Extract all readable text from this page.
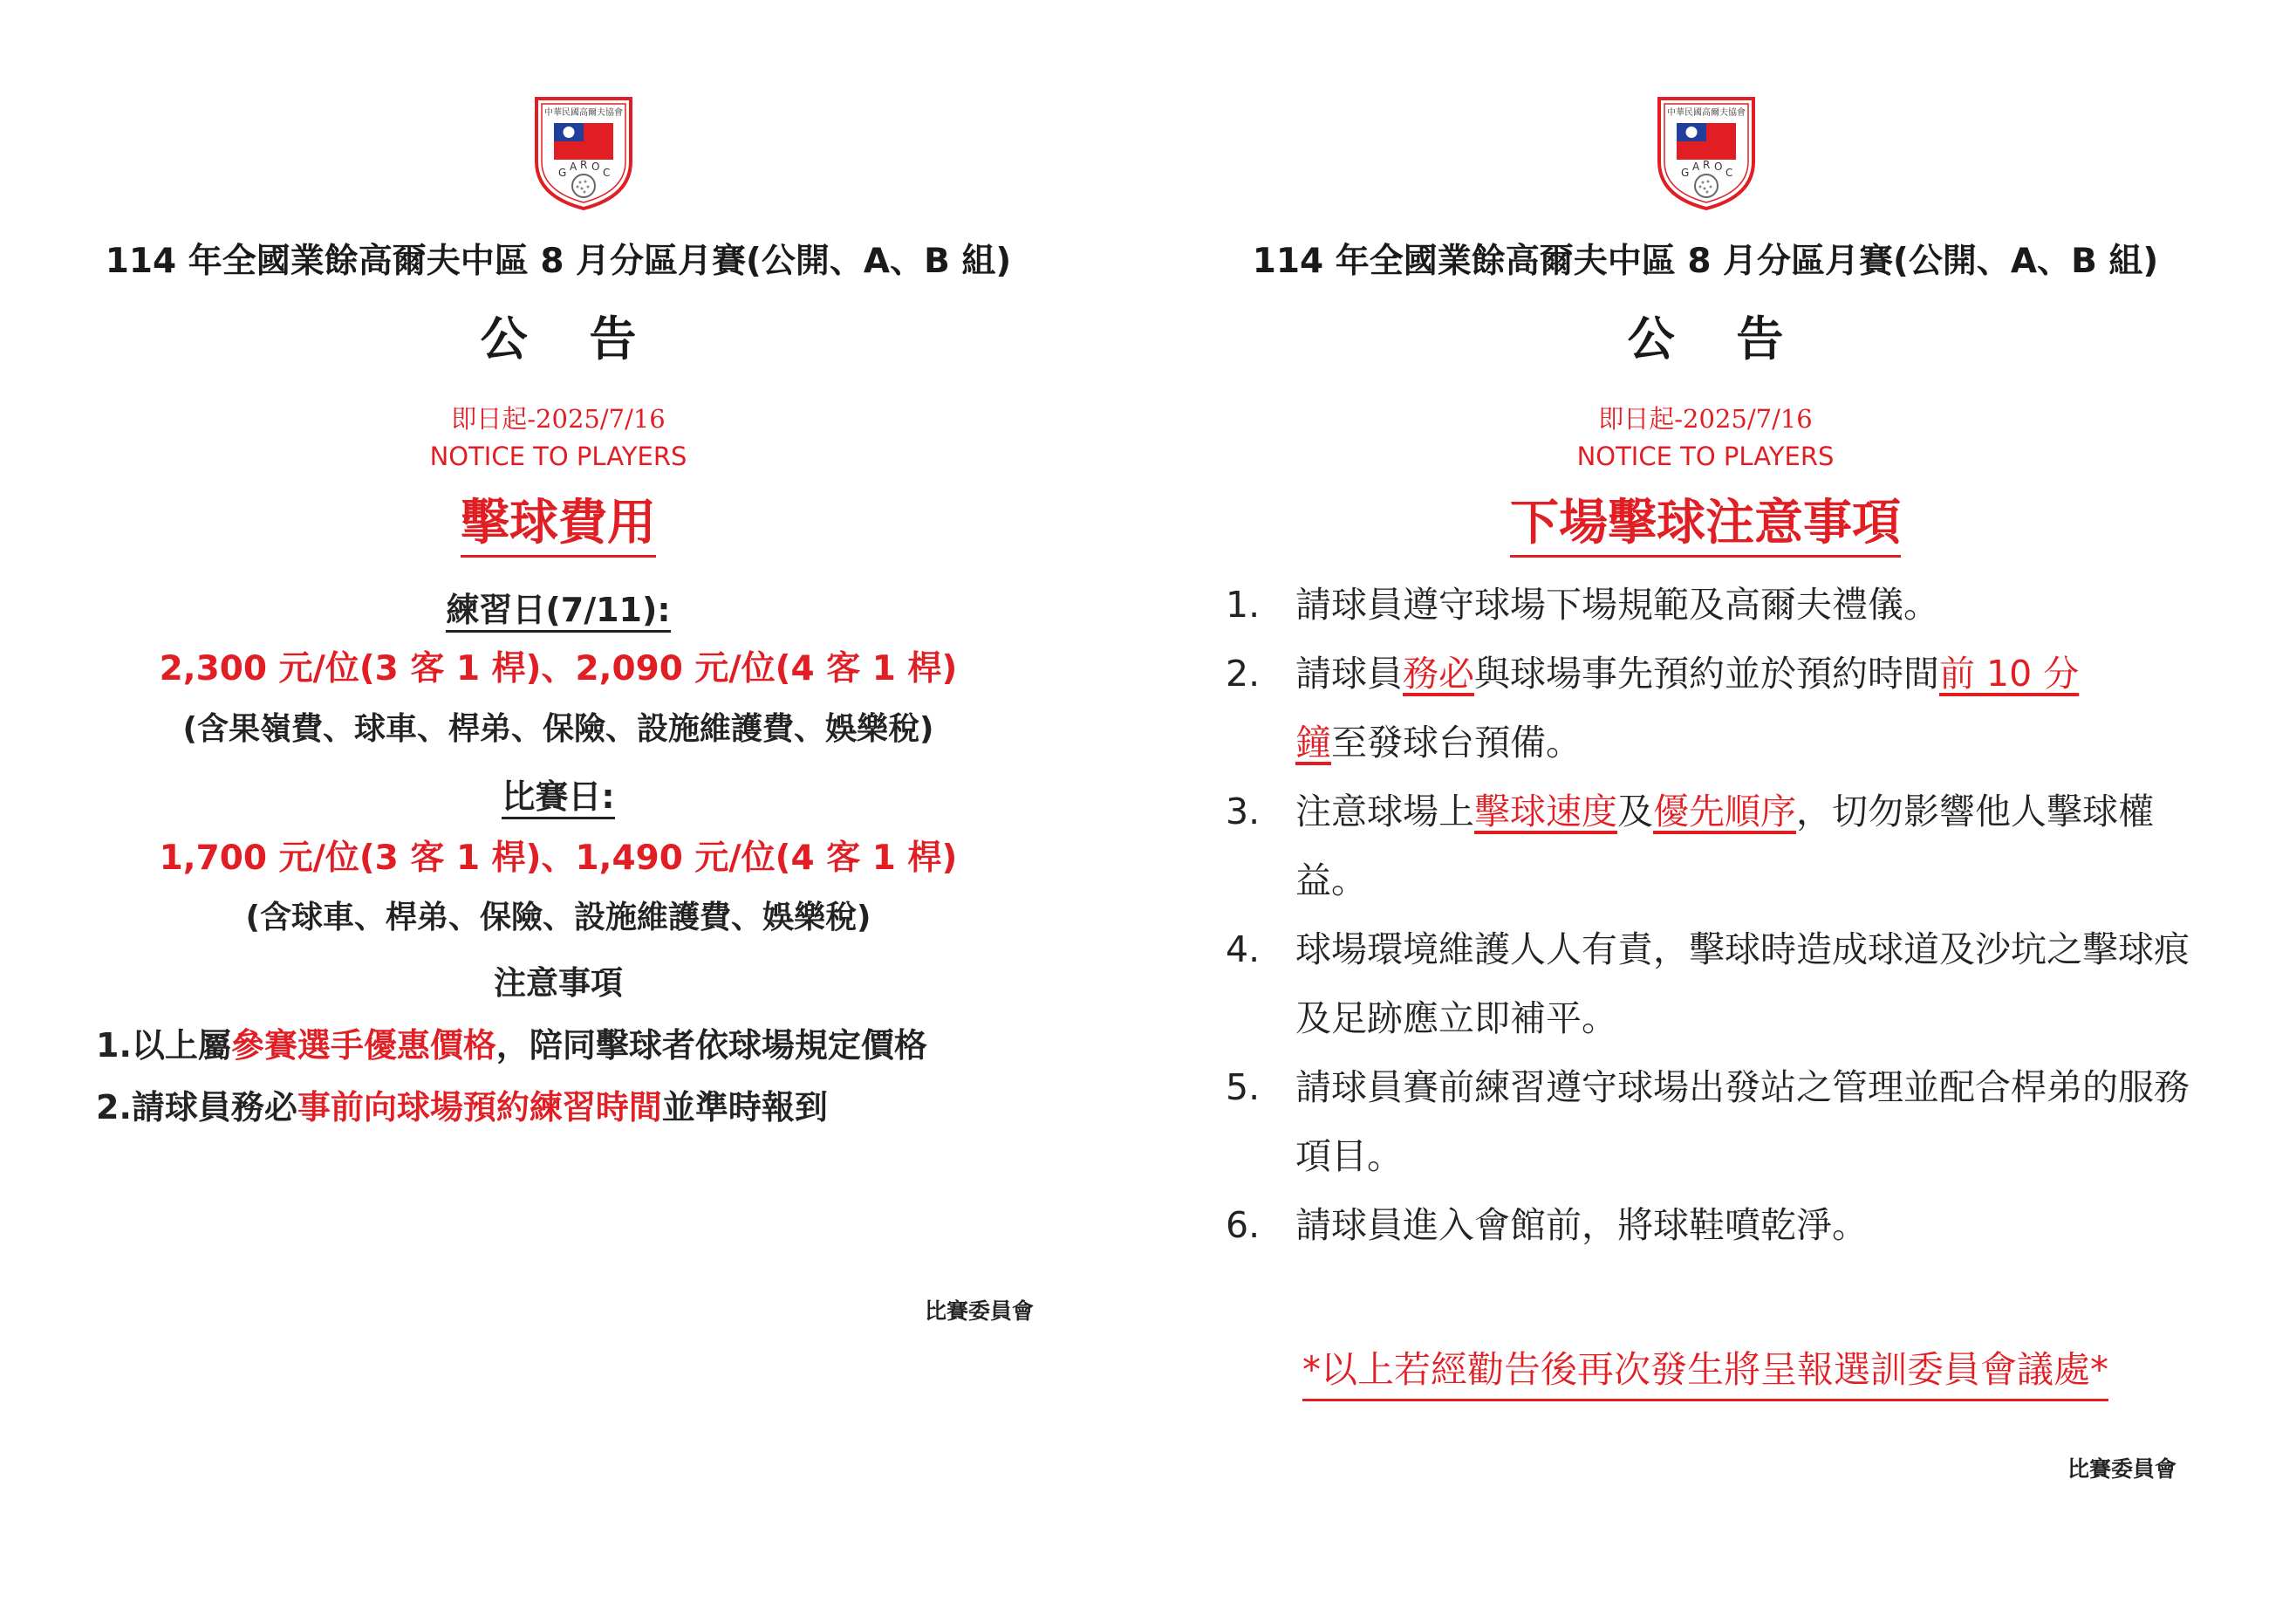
中華民國高爾夫協會
G A R O C
114 年全國業餘高爾夫中區 8 月分區月賽(公開、A、B 組)
公 告
即日起-2025/7/16
NOTICE TO PLAYERS
擊球費用
練習日(7/11):
2,300 元/位(3 客 1 桿)、2,090 元/位(4 客 1 桿)
(含果嶺費、球車、桿弟、保險、設施維護費、娛樂稅)
比賽日:
1,700 元/位(3 客 1 桿)、1,490 元/位(4 客 1 桿)
(含球車、桿弟、保險、設施維護費、娛樂稅)
注意事項
1.以上屬參賽選手優惠價格，陪同擊球者依球場規定價格
2.請球員務必事前向球場預約練習時間並準時報到
比賽委員會
中華民國高爾夫協會
G A R O C
114 年全國業餘高爾夫中區 8 月分區月賽(公開、A、B 組)
公 告
即日起-2025/7/16
NOTICE TO PLAYERS
下場擊球注意事項
1. 請球員遵守球場下場規範及高爾夫禮儀。
2. 請球員務必與球場事先預約並於預約時間前 10 分
鐘至發球台預備。
3. 注意球場上擊球速度及優先順序，切勿影響他人擊球權益。
4. 球場環境維護人人有責，擊球時造成球道及沙坑之擊球痕及足跡應立即補平。
5. 請球員賽前練習遵守球場出發站之管理並配合桿弟的服務項目。
6. 請球員進入會館前，將球鞋噴乾淨。
*以上若經勸告後再次發生將呈報選訓委員會議處*
比賽委員會
